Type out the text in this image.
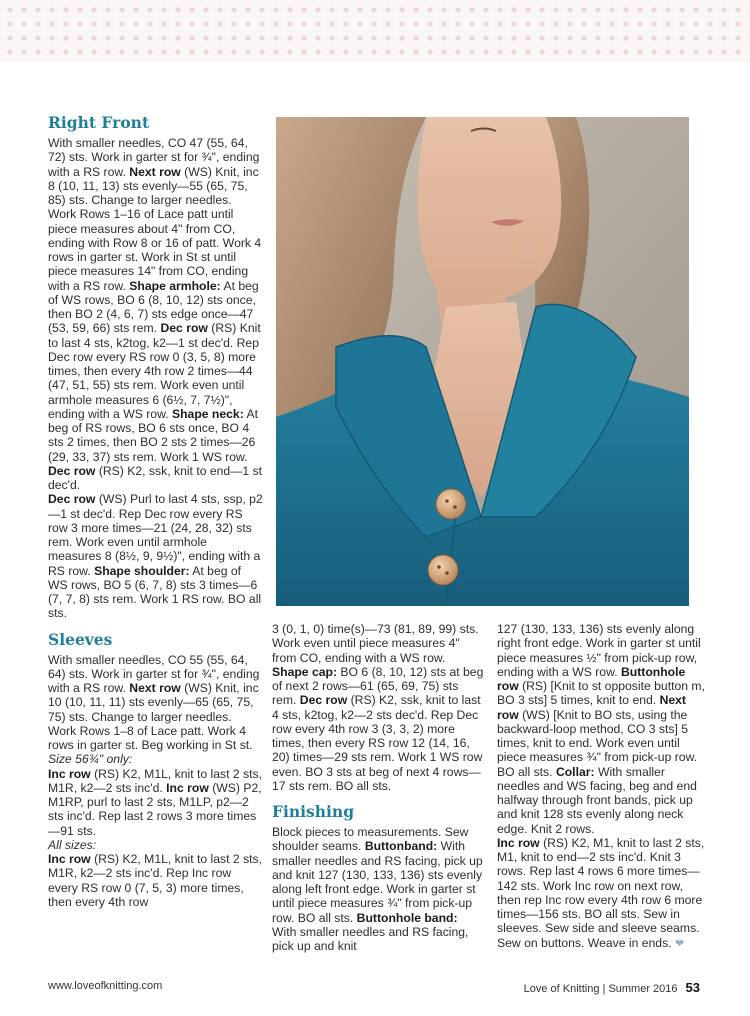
Right Front

With smaller needles, CO 47 (55, 64, 72) sts. Work in garter st for ¾", ending with a RS row. Next row (WS) Knit, inc 8 (10, 11, 13) sts evenly—55 (65, 75, 85) sts. Change to larger needles. Work Rows 1–16 of Lace patt until piece measures about 4" from CO, ending with Row 8 or 16 of patt. Work 4 rows in garter st. Work in St st until piece measures 14" from CO, ending with a RS row. Shape armhole: At beg of WS rows, BO 6 (8, 10, 12) sts once, then BO 2 (4, 6, 7) sts edge once—47 (53, 59, 66) sts rem. Dec row (RS) Knit to last 4 sts, k2tog, k2—1 st dec'd. Rep Dec row every RS row 0 (3, 5, 8) more times, then every 4th row 2 times—44 (47, 51, 55) sts rem. Work even until armhole measures 6 (6½, 7, 7½)", ending with a WS row. Shape neck: At beg of RS rows, BO 6 sts once, BO 4 sts 2 times, then BO 2 sts 2 times—26 (29, 33, 37) sts rem. Work 1 WS row. Dec row (RS) K2, ssk, knit to end—1 st dec'd.
Dec row (WS) Purl to last 4 sts, ssp, p2—1 st dec'd. Rep Dec row every RS row 3 more times—21 (24, 28, 32) sts rem. Work even until armhole measures 8 (8½, 9, 9½)", ending with a RS row. Shape shoulder: At beg of WS rows, BO 5 (6, 7, 8) sts 3 times—6 (7, 7, 8) sts rem. Work 1 RS row. BO all sts.

Sleeves

With smaller needles, CO 55 (55, 64, 64) sts. Work in garter st for ¾", ending with a RS row. Next row (WS) Knit, inc 10 (10, 11, 11) sts evenly—65 (65, 75, 75) sts. Change to larger needles. Work Rows 1–8 of Lace patt. Work 4 rows in garter st. Beg working in St st.
Size 56¾" only:
Inc row (RS) K2, M1L, knit to last 2 sts, M1R, k2—2 sts inc'd. Inc row (WS) P2, M1RP, purl to last 2 sts, M1LP, p2—2 sts inc'd. Rep last 2 rows 3 more times—91 sts.
All sizes:
Inc row (RS) K2, M1L, knit to last 2 sts, M1R, k2—2 sts inc'd. Rep Inc row every RS row 0 (7, 5, 3) more times, then every 4th row

3 (0, 1, 0) time(s)—73 (81, 89, 99) sts. Work even until piece measures 4" from CO, ending with a WS row. Shape cap: BO 6 (8, 10, 12) sts at beg of next 2 rows—61 (65, 69, 75) sts rem. Dec row (RS) K2, ssk, knit to last 4 sts, k2tog, k2—2 sts dec'd. Rep Dec row every 4th row 3 (3, 3, 2) more times, then every RS row 12 (14, 16, 20) times—29 sts rem. Work 1 WS row even. BO 3 sts at beg of next 4 rows—17 sts rem. BO all sts.

Finishing

Block pieces to measurements. Sew shoulder seams. Buttonband: With smaller needles and RS facing, pick up and knit 127 (130, 133, 136) sts evenly along left front edge. Work in garter st until piece measures ¾" from pick-up row. BO all sts. Buttonhole band: With smaller needles and RS facing, pick up and knit

127 (130, 133, 136) sts evenly along right front edge. Work in garter st until piece measures ½" from pick-up row, ending with a WS row. Buttonhole row (RS) [Knit to st opposite button m, BO 3 sts] 5 times, knit to end. Next row (WS) [Knit to BO sts, using the backward-loop method, CO 3 sts] 5 times, knit to end. Work even until piece measures ¾" from pick-up row. BO all sts. Collar: With smaller needles and WS facing, beg and end halfway through front bands, pick up and knit 128 sts evenly along neck edge. Knit 2 rows.
Inc row (RS) K2, M1, knit to last 2 sts, M1, knit to end—2 sts inc'd. Knit 3 rows. Rep last 4 rows 6 more times—142 sts. Work Inc row on next row, then rep Inc row every 4th row 6 more times—156 sts. BO all sts. Sew in sleeves. Sew side and sleeve seams. Sew on buttons. Weave in ends. ❤

www.loveofknitting.com	Love of Knitting | Summer 2016 53
